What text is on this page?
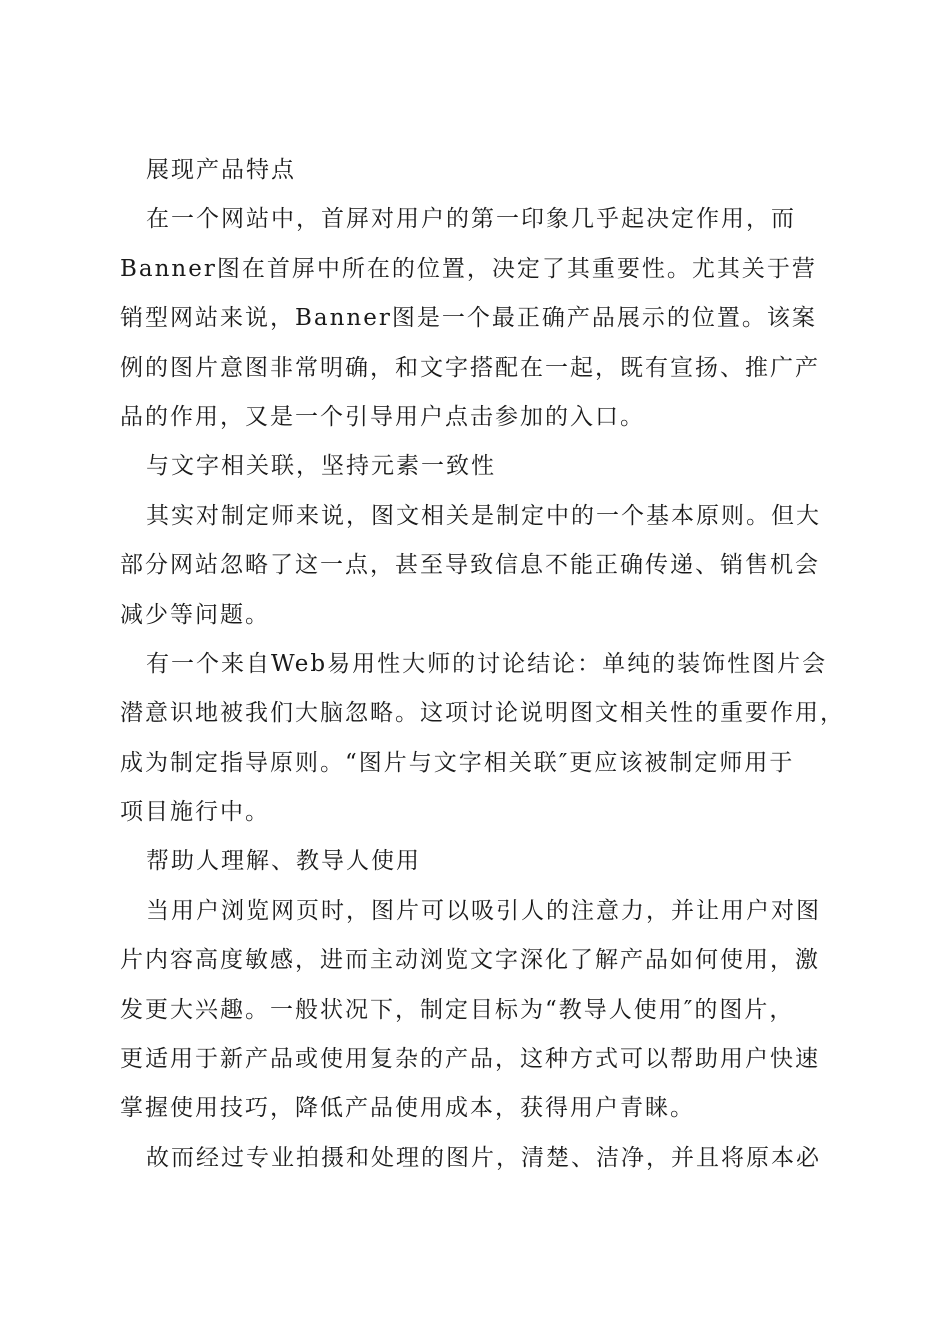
展现产品特点

在一个网站中，首屏对用户的第一印象几乎起决定作用，而

Banner图在首屏中所在的位置，决定了其重要性。尤其关于营

销型网站来说，Banner图是一个最正确产品展示的位置。该案

例的图片意图非常明确，和文字搭配在一起，既有宣扬、推广产

品的作用，又是一个引导用户点击参加的入口。

与文字相关联，坚持元素一致性

其实对制定师来说，图文相关是制定中的一个基本原则。但大

部分网站忽略了这一点，甚至导致信息不能正确传递、销售机会

减少等问题。

有一个来自Web易用性大师的讨论结论：单纯的装饰性图片会

潜意识地被我们大脑忽略。这项讨论说明图文相关性的重要作用，

成为制定指导原则。“图片与文字相关联″更应该被制定师用于

项目施行中。

帮助人理解、教导人使用

当用户浏览网页时，图片可以吸引人的注意力，并让用户对图

片内容高度敏感，进而主动浏览文字深化了解产品如何使用，激

发更大兴趣。一般状况下，制定目标为“教导人使用″的图片，

更适用于新产品或使用复杂的产品，这种方式可以帮助用户快速

掌握使用技巧，降低产品使用成本，获得用户青睐。

故而经过专业拍摄和处理的图片，清楚、洁净，并且将原本必
